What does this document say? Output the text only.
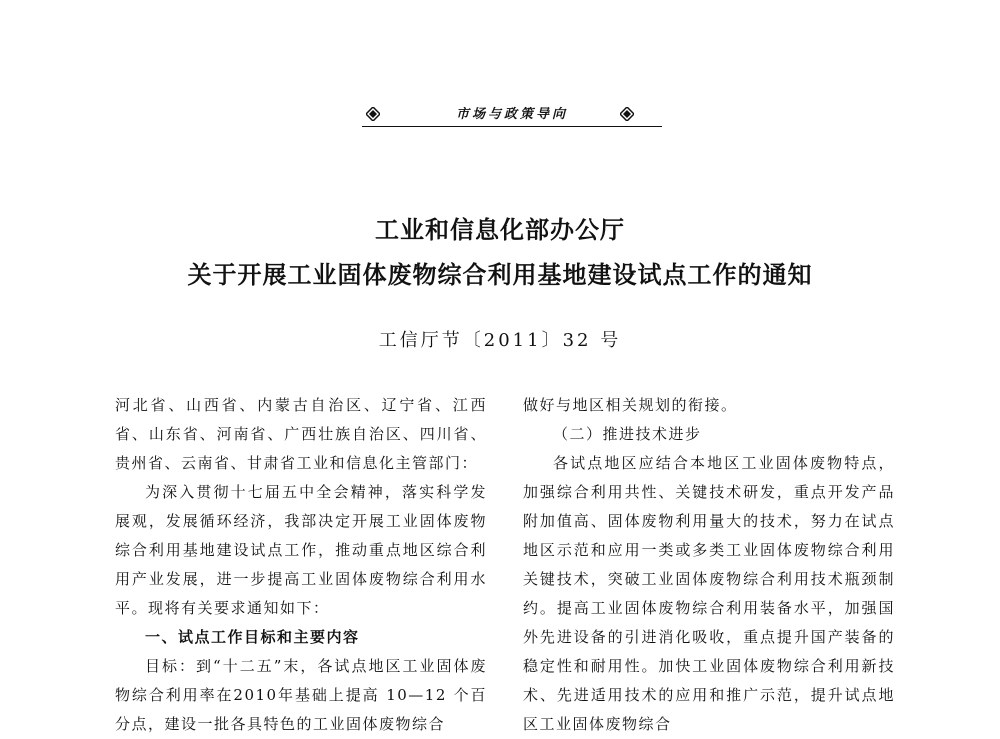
市场与政策导向
工业和信息化部办公厅
关于开展工业固体废物综合利用基地建设试点工作的通知
工信厅节〔2011〕32 号

河北省、山西省、内蒙古自治区、辽宁省、江西省、山东省、河南省、广西壮族自治区、四川省、贵州省、云南省、甘肃省工业和信息化主管部门：

为深入贯彻十七届五中全会精神，落实科学发展观，发展循环经济，我部决定开展工业固体废物综合利用基地建设试点工作，推动重点地区综合利用产业发展，进一步提高工业固体废物综合利用水平。现将有关要求通知如下：

一、试点工作目标和主要内容

目标：到“十二五”末，各试点地区工业固体废物综合利用率在2010年基础上提高 10—12 个百分点，建设一批各具特色的工业固体废物综合

做好与地区相关规划的衔接。

（二）推进技术进步

各试点地区应结合本地区工业固体废物特点，加强综合利用共性、关键技术研发，重点开发产品附加值高、固体废物利用量大的技术，努力在试点地区示范和应用一类或多类工业固体废物综合利用关键技术，突破工业固体废物综合利用技术瓶颈制约。提高工业固体废物综合利用装备水平，加强国外先进设备的引进消化吸收，重点提升国产装备的稳定性和耐用性。加快工业固体废物综合利用新技术、先进适用技术的应用和推广示范，提升试点地区工业固体废物综合
